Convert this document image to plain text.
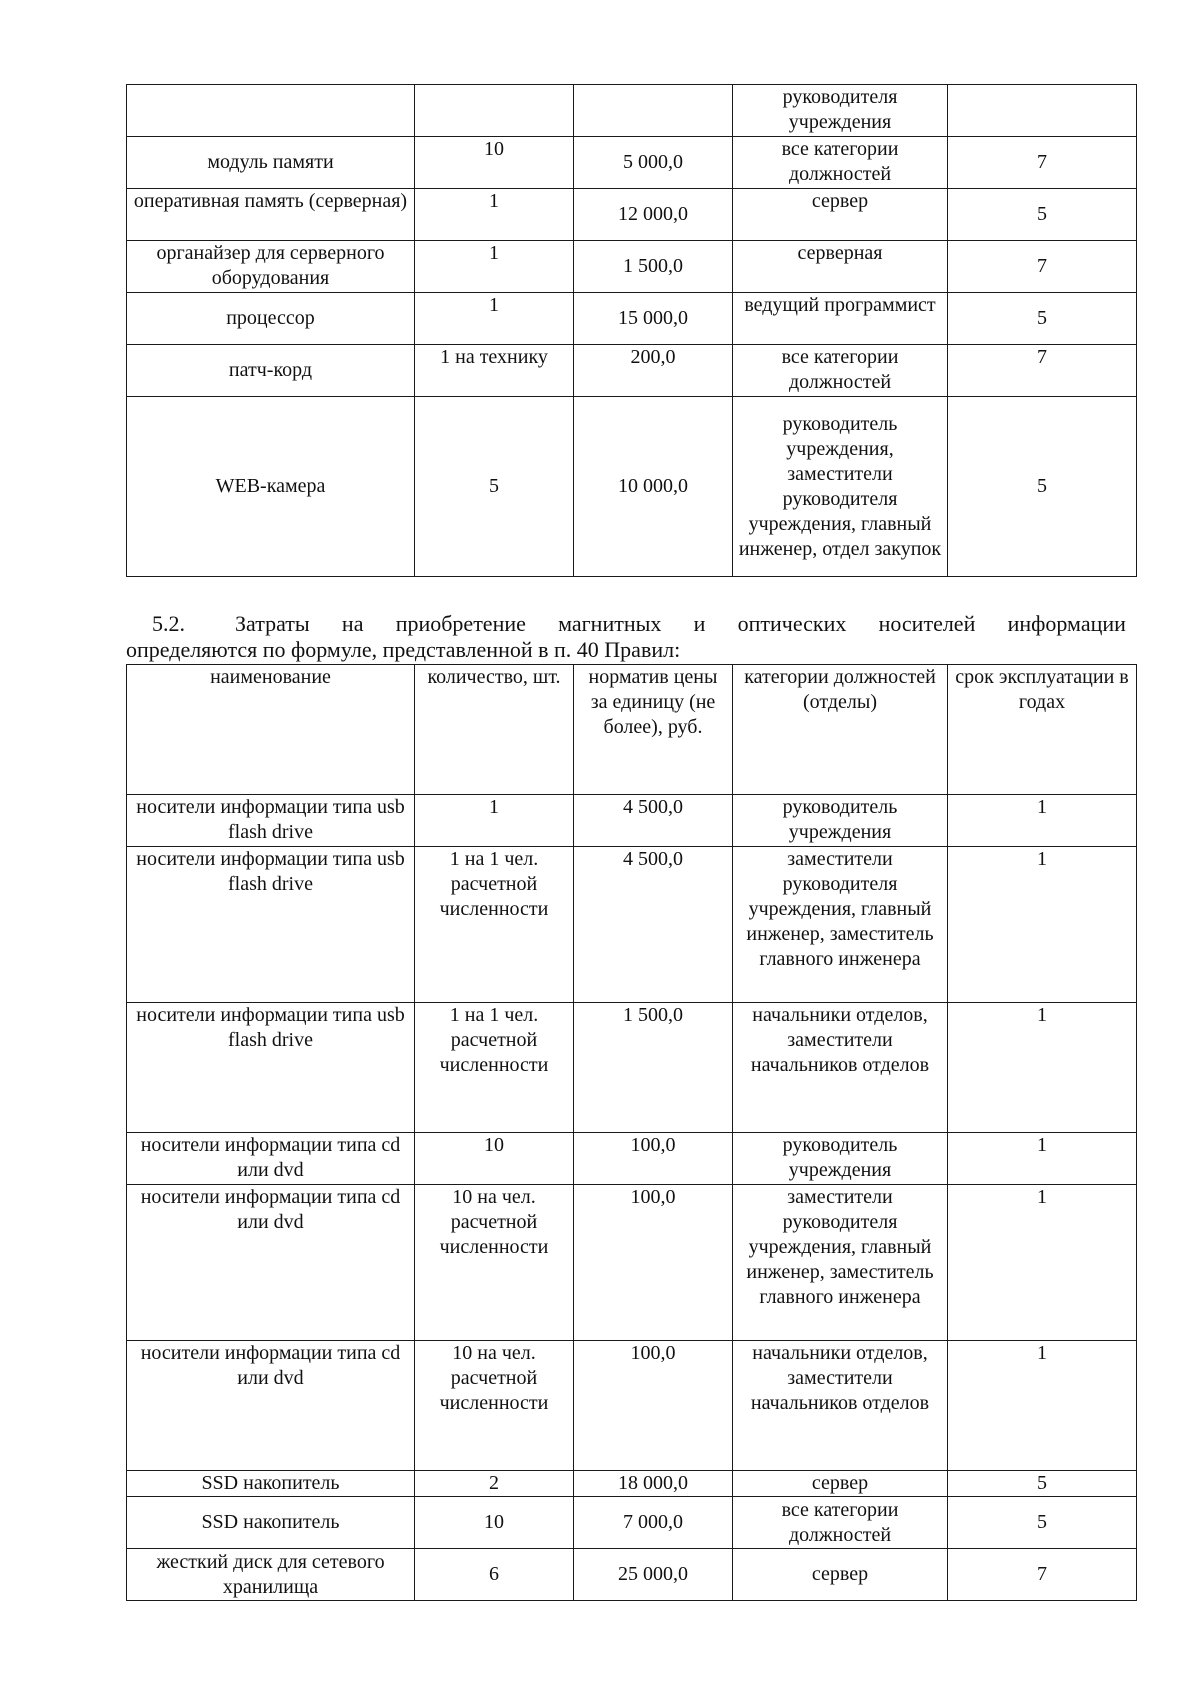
			руководителя учреждения	
модуль памяти	10	5 000,0	все категории должностей	7
оперативная память (серверная)	1	12 000,0	сервер	5
органайзер для серверного оборудования	1	1 500,0	серверная	7
процессор	1	15 000,0	ведущий программист	5
патч-корд	1 на технику	200,0	все категории должностей	7
WEB-камера	5	10 000,0	руководитель учреждения, заместители руководителя учреждения, главный инженер, отдел закупок	5
5.2. Затраты на приобретение магнитных и оптических носителей информации
определяются по формуле, представленной в п. 40 Правил:
наименование	количество, шт.	норматив цены за единицу (не более), руб.	категории должностей (отделы)	срок эксплуатации в годах
носители информации типа usb flash drive	1	4 500,0	руководитель учреждения	1
носители информации типа usb flash drive	1 на 1 чел. расчетной численности	4 500,0	заместители руководителя учреждения, главный инженер, заместитель главного инженера	1
носители информации типа usb flash drive	1 на 1 чел. расчетной численности	1 500,0	начальники отделов, заместители начальников отделов	1
носители информации типа cd или dvd	10	100,0	руководитель учреждения	1
носители информации типа cd или dvd	10 на чел. расчетной численности	100,0	заместители руководителя учреждения, главный инженер, заместитель главного инженера	1
носители информации типа cd или dvd	10 на чел. расчетной численности	100,0	начальники отделов, заместители начальников отделов	1
SSD накопитель	2	18 000,0	сервер	5
SSD накопитель	10	7 000,0	все категории должностей	5
жесткий диск для сетевого хранилища	6	25 000,0	сервер	7
